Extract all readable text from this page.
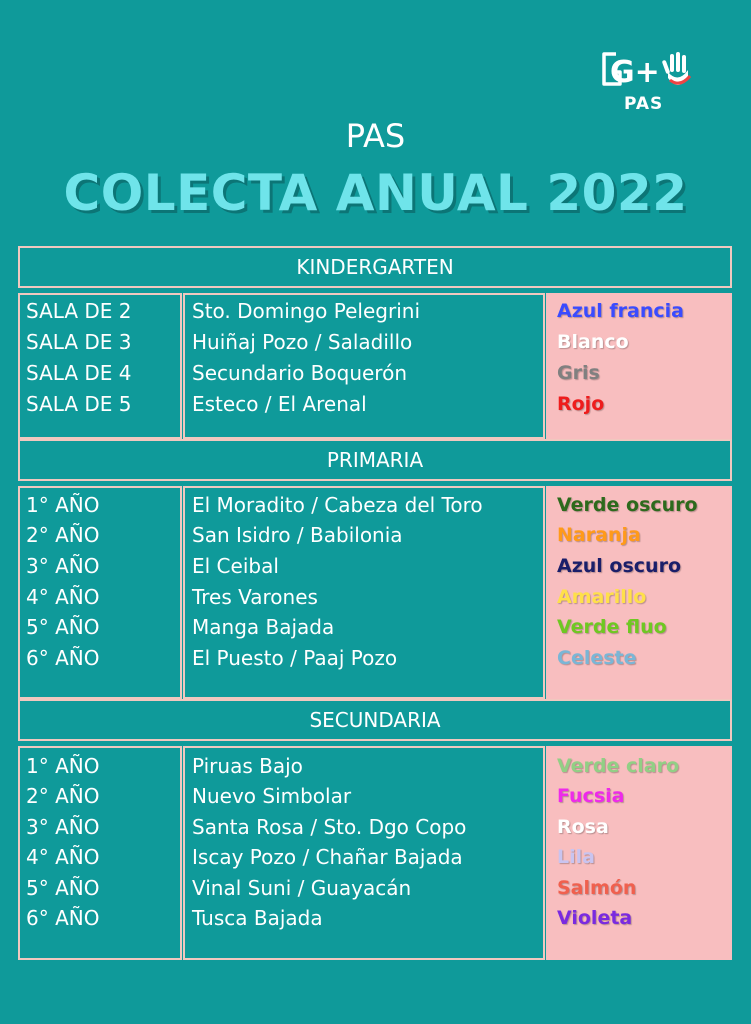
G+
PAS
PAS
COLECTA ANUAL 2022
KINDERGARTEN
SALA DE 2
SALA DE 3
SALA DE 4
SALA DE 5
Sto. Domingo Pelegrini
Huiñaj Pozo / Saladillo
Secundario Boquerón
Esteco / El Arenal
Azul francia
Blanco
Gris
Rojo
PRIMARIA
1° AÑO
2° AÑO
3° AÑO
4° AÑO
5° AÑO
6° AÑO
El Moradito / Cabeza del Toro
San Isidro / Babilonia
El Ceibal
Tres Varones
Manga Bajada
El Puesto / Paaj Pozo
Verde oscuro
Naranja
Azul oscuro
Amarillo
Verde fluo
Celeste
SECUNDARIA
1° AÑO
2° AÑO
3° AÑO
4° AÑO
5° AÑO
6° AÑO
Piruas Bajo
Nuevo Simbolar
Santa Rosa / Sto. Dgo Copo
Iscay Pozo / Chañar Bajada
Vinal Suni / Guayacán
Tusca Bajada
Verde claro
Fucsia
Rosa
Lila
Salmón
Violeta
